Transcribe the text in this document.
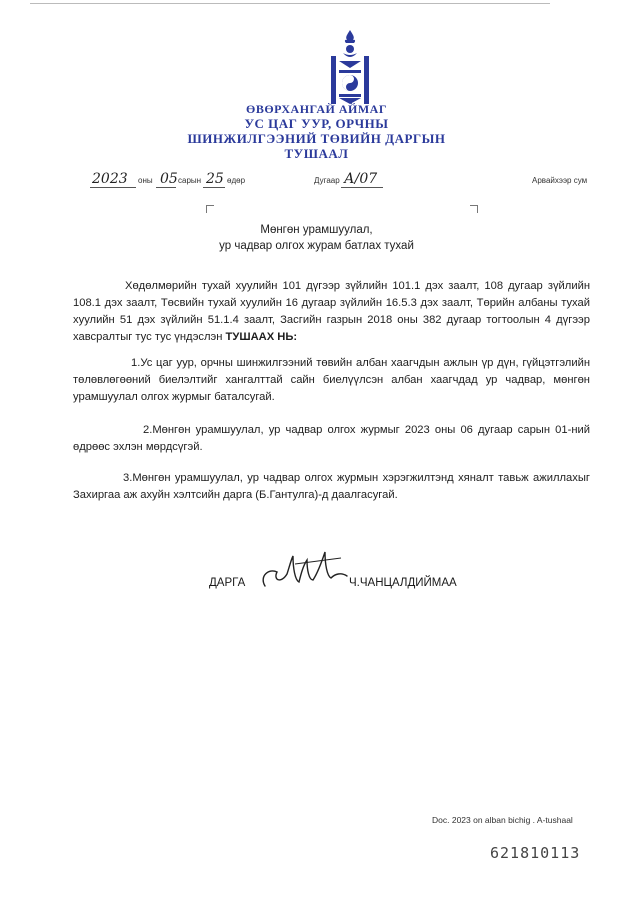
ӨВӨРХАНГАЙ АЙМАГ
УС ЦАГ УУР, ОРЧНЫ
ШИНЖИЛГЭЭНИЙ ТӨВИЙН ДАРГЫН
ТУШААЛ
2023 оны 05 сарын 25 өдөр	Дугаар А/07	Арвайхээр сум
Мөнгөн урамшуулал,
ур чадвар олгох журам батлах тухай
Хөдөлмөрийн тухай хуулийн 101 дүгээр зүйлийн 101.1 дэх заалт, 108 дугаар зүйлийн 108.1 дэх заалт, Төсвийн тухай хуулийн 16 дугаар зүйлийн 16.5.3 дэх заалт, Төрийн албаны тухай хуулийн 51 дэх зүйлийн 51.1.4 заалт, Засгийн газрын 2018 оны 382 дугаар тогтоолын 4 дүгээр хавсралтыг тус тус үндэслэн ТУШААХ НЬ:
1.Ус цаг уур, орчны шинжилгээний төвийн албан хаагчдын ажлын үр дүн, гүйцэтгэлийн төлөвлөгөөний биелэлтийг хангалттай сайн биелүүлсэн албан хаагчдад ур чадвар, мөнгөн урамшуулал олгох журмыг баталсугай.
2.Мөнгөн урамшуулал, ур чадвар олгох журмыг 2023 оны 06 дугаар сарын 01-ний өдрөөс эхлэн мөрдсүгэй.
3.Мөнгөн урамшуулал, ур чадвар олгох журмын хэрэгжилтэнд хяналт тавьж ажиллахыг Захиргаа аж ахуйн хэлтсийн дарга (Б.Гантулга)-д даалгасугай.
ДАРГА	Ч.ЧАНЦАЛДИЙМАА
Doc. 2023 on alban bichig . A-tushaal
621810113
